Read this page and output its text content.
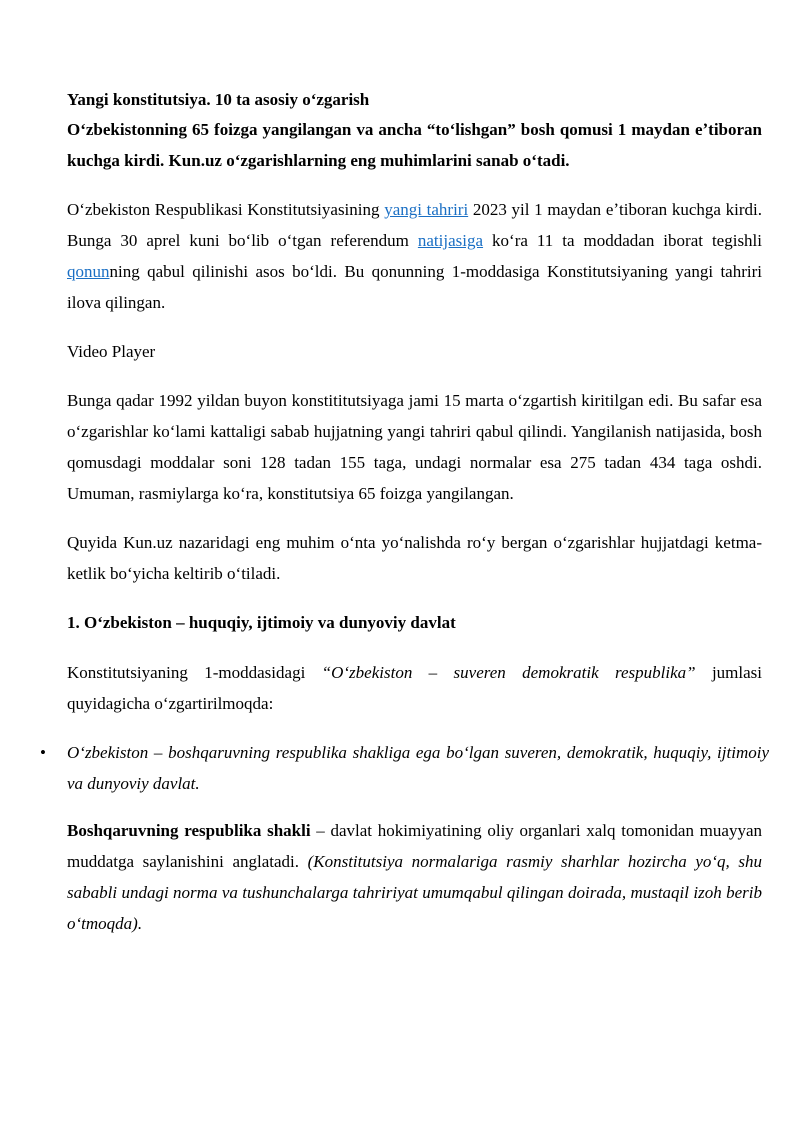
Yangi konstitutsiya. 10 ta asosiy oʻzgarish

Oʻzbekistonning 65 foizga yangilangan va ancha “toʻlishgan” bosh qomusi 1 maydan eʼtiboran kuchga kirdi. Kun.uz oʻzgarishlarning eng muhimlarini sanab oʻtadi.

Oʻzbekiston Respublikasi Konstitutsiyasining yangi tahriri 2023 yil 1 maydan eʼtiboran kuchga kirdi. Bunga 30 aprel kuni boʻlib oʻtgan referendum natijasiga koʻra 11 ta moddadan iborat tegishli qonunning qabul qilinishi asos boʻldi. Bu qonunning 1-moddasiga Konstitutsiyaning yangi tahriri ilova qilingan.

Video Player

Bunga qadar 1992 yildan buyon konstititutsiyaga jami 15 marta oʻzgartish kiritilgan edi. Bu safar esa oʻzgarishlar koʻlami kattaligi sabab hujjatning yangi tahriri qabul qilindi. Yangilanish natijasida, bosh qomusdagi moddalar soni 128 tadan 155 taga, undagi normalar esa 275 tadan 434 taga oshdi. Umuman, rasmiylarga koʻra, konstitutsiya 65 foizga yangilangan.

Quyida Kun.uz nazaridagi eng muhim oʻnta yoʻnalishda roʻy bergan oʻzgarishlar hujjatdagi ketma-ketlik boʻyicha keltirib oʻtiladi.

1. Oʻzbekiston – huquqiy, ijtimoiy va dunyoviy davlat

Konstitutsiyaning 1-moddasidagi “Oʻzbekiston – suveren demokratik respublika” jumlasi quyidagicha oʻzgartirilmoqda:

• Oʻzbekiston – boshqaruvning respublika shakliga ega boʻlgan suveren, demokratik, huquqiy, ijtimoiy va dunyoviy davlat.

Boshqaruvning respublika shakli – davlat hokimiyatining oliy organlari xalq tomonidan muayyan muddatga saylanishini anglatadi. (Konstitutsiya normalariga rasmiy sharhlar hozircha yoʻq, shu sababli undagi norma va tushunchalarga tahririyat umumqabul qilingan doirada, mustaqil izoh berib oʻtmoqda).
